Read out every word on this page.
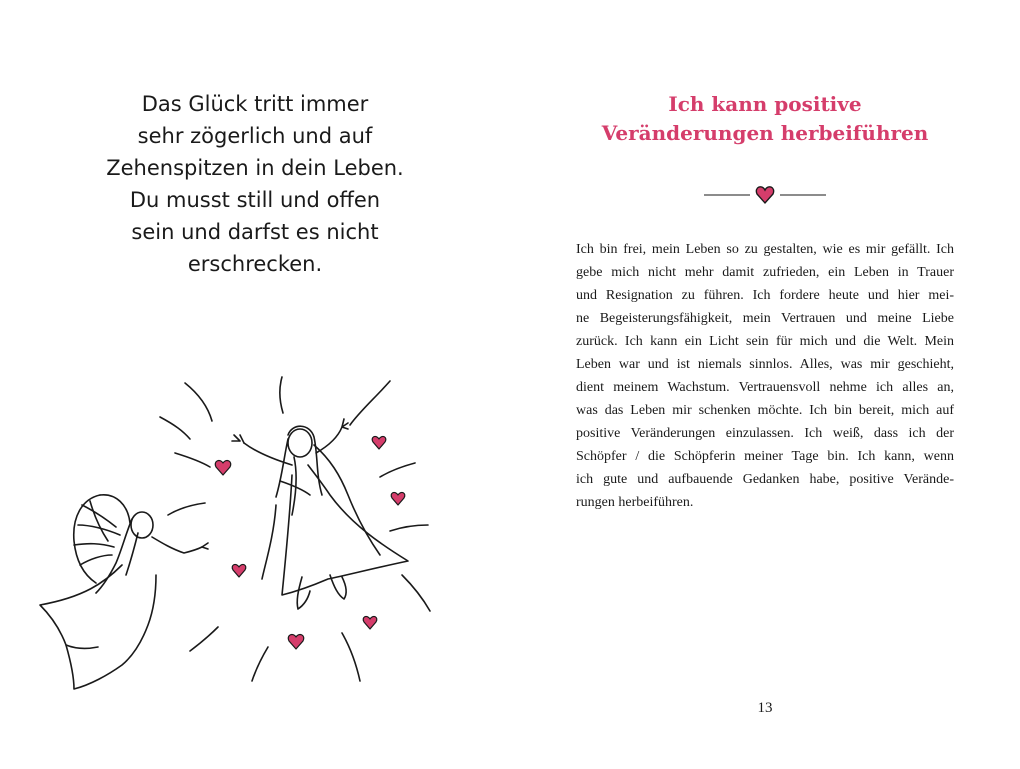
Das Glück tritt immer
sehr zögerlich und auf
Zehenspitzen in dein Leben.
Du musst still und offen
sein und darfst es nicht
erschrecken.
Ich kann positive
Veränderungen herbeiführen
Ich bin frei, mein Leben so zu gestalten, wie es mir gefällt. Ich
gebe mich nicht mehr damit zufrieden, ein Leben in Trauer
und Resignation zu führen. Ich fordere heute und hier mei-
ne Begeisterungsfähigkeit, mein Vertrauen und meine Liebe
zurück. Ich kann ein Licht sein für mich und die Welt. Mein
Leben war und ist niemals sinnlos. Alles, was mir geschieht,
dient meinem Wachstum. Vertrauensvoll nehme ich alles an,
was das Leben mir schenken möchte. Ich bin bereit, mich auf
positive Veränderungen einzulassen. Ich weiß, dass ich der
Schöpfer / die Schöpferin meiner Tage bin. Ich kann, wenn
ich gute und aufbauende Gedanken habe, positive Verände-
rungen herbeiführen.
13
